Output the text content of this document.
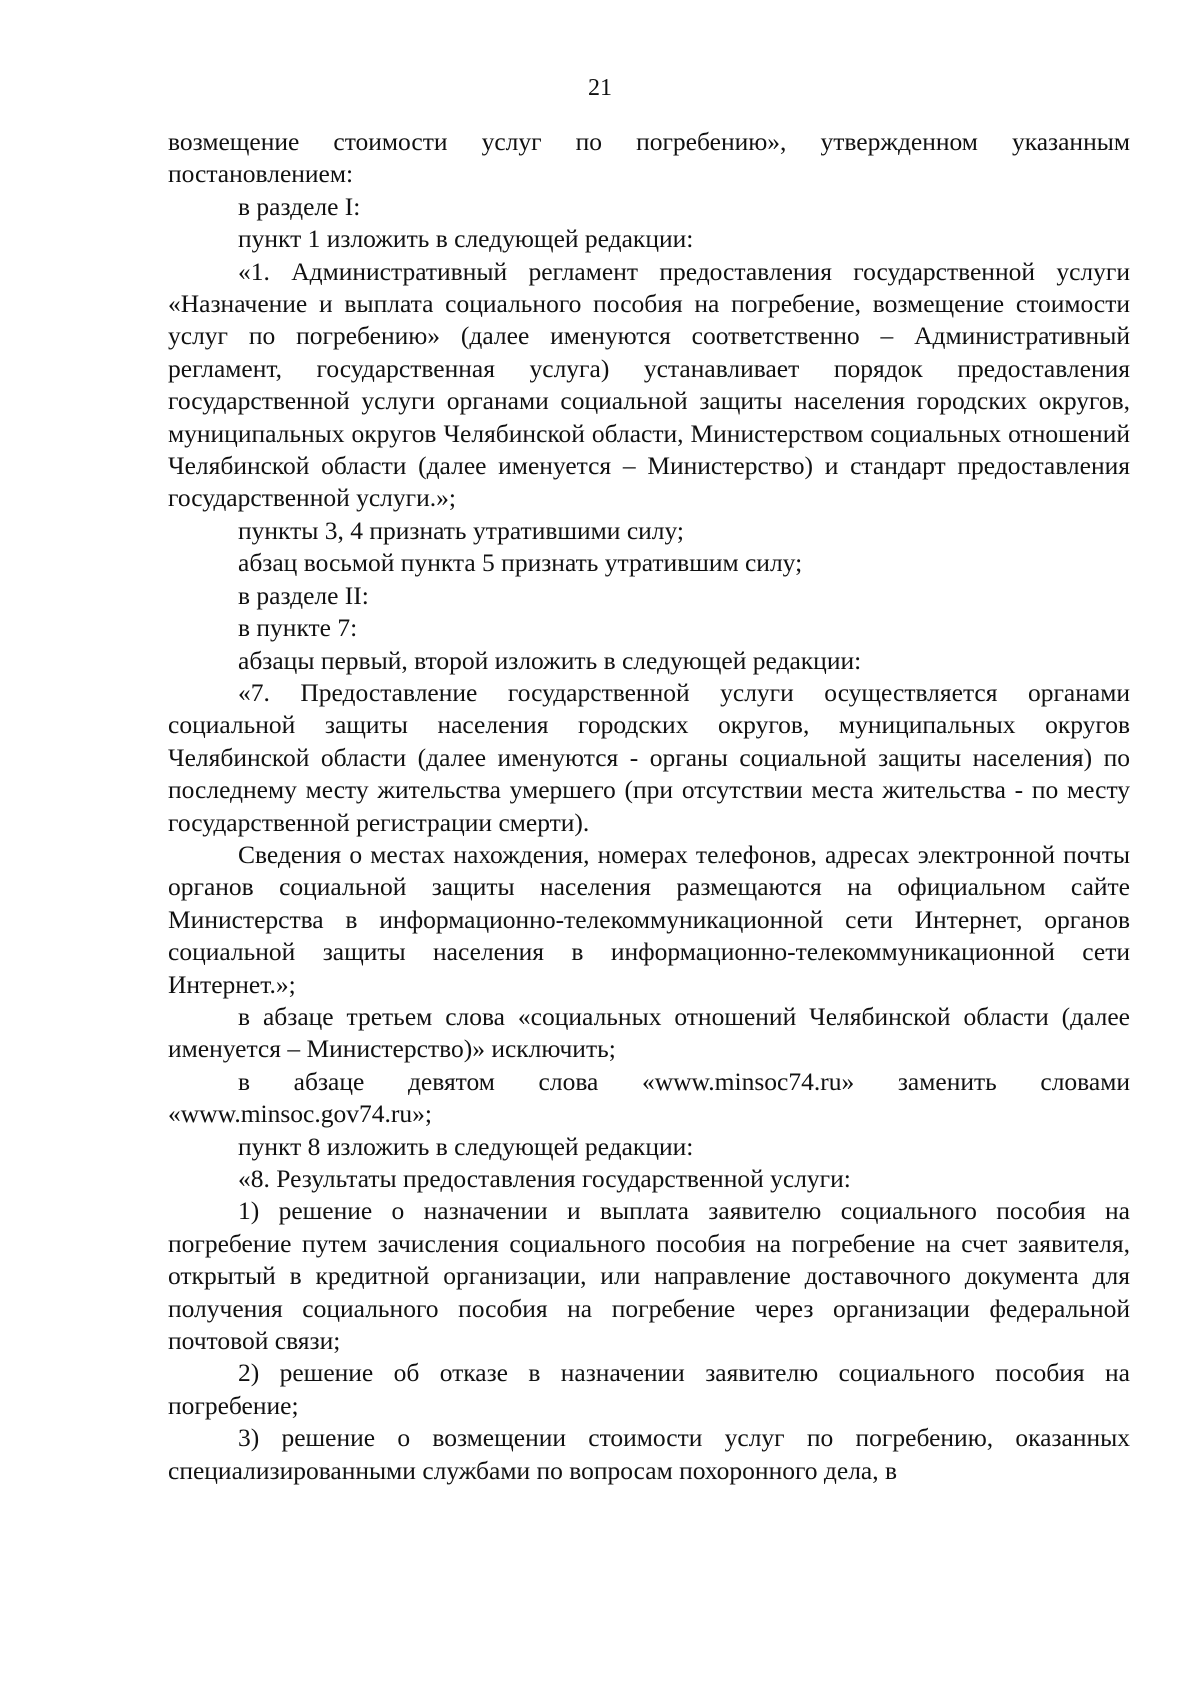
21

возмещение стоимости услуг по погребению», утвержденном указанным постановлением:

в разделе I:

пункт 1 изложить в следующей редакции:

«1. Административный регламент предоставления государственной услуги «Назначение и выплата социального пособия на погребение, возмещение стоимости услуг по погребению» (далее именуются соответственно – Административный регламент, государственная услуга) устанавливает порядок предоставления государственной услуги органами социальной защиты населения городских округов, муниципальных округов Челябинской области, Министерством социальных отношений Челябинской области (далее именуется – Министерство) и стандарт предоставления государственной услуги.»;

пункты 3, 4 признать утратившими силу;

абзац восьмой пункта 5 признать утратившим силу;

в разделе II:

в пункте 7:

абзацы первый, второй изложить в следующей редакции:

«7. Предоставление государственной услуги осуществляется органами социальной защиты населения городских округов, муниципальных округов Челябинской области (далее именуются - органы социальной защиты населения) по последнему месту жительства умершего (при отсутствии места жительства - по месту государственной регистрации смерти).

Сведения о местах нахождения, номерах телефонов, адресах электронной почты органов социальной защиты населения размещаются на официальном сайте Министерства в информационно-телекоммуникационной сети Интернет, органов социальной защиты населения в информационно-телекоммуникационной сети Интернет.»;

в абзаце третьем слова «социальных отношений Челябинской области (далее именуется – Министерство)» исключить;

в абзаце девятом слова «www.minsoc74.ru» заменить словами «www.minsoc.gov74.ru»;

пункт 8 изложить в следующей редакции:

«8. Результаты предоставления государственной услуги:

1) решение о назначении и выплата заявителю социального пособия на погребение путем зачисления социального пособия на погребение на счет заявителя, открытый в кредитной организации, или направление доставочного документа для получения социального пособия на погребение через организации федеральной почтовой связи;

2) решение об отказе в назначении заявителю социального пособия на погребение;

3) решение о возмещении стоимости услуг по погребению, оказанных специализированными службами по вопросам похоронного дела, в
